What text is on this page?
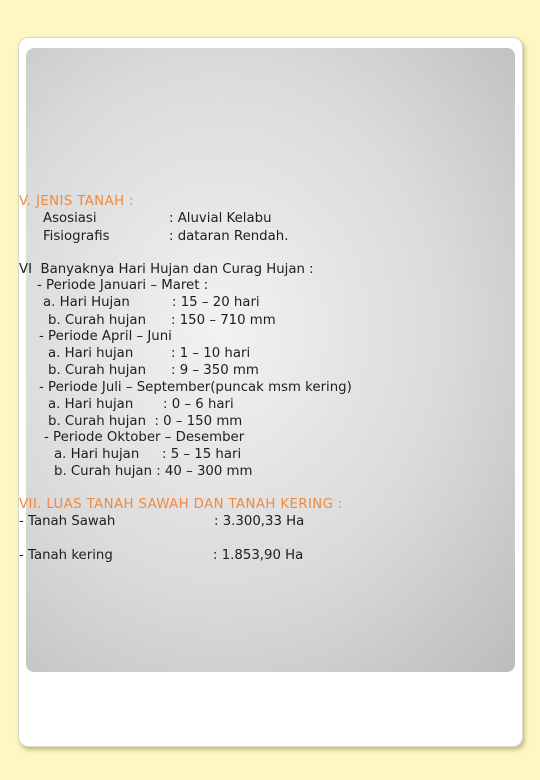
V. JENIS TANAH :
Asosiasi	: Aluvial Kelabu
Fisiografis	: dataran Rendah.
VI  Banyaknya Hari Hujan dan Curag Hujan :
- Periode Januari – Maret :
a. Hari Hujan	: 15 – 20 hari
b. Curah hujan : 150 – 710 mm
- Periode April – Juni
a. Hari hujan	: 1 – 10 hari
b. Curah hujan : 9 – 350 mm
- Periode Juli – September(puncak msm kering)
a. Hari hujan : 0 – 6 hari
b. Curah hujan  : 0 – 150 mm
- Periode Oktober – Desember
a. Hari hujan : 5 – 15 hari
b. Curah hujan : 40 – 300 mm
VII. LUAS TANAH SAWAH DAN TANAH KERING :
- Tanah Sawah	: 3.300,33 Ha
- Tanah kering	: 1.853,90 Ha
